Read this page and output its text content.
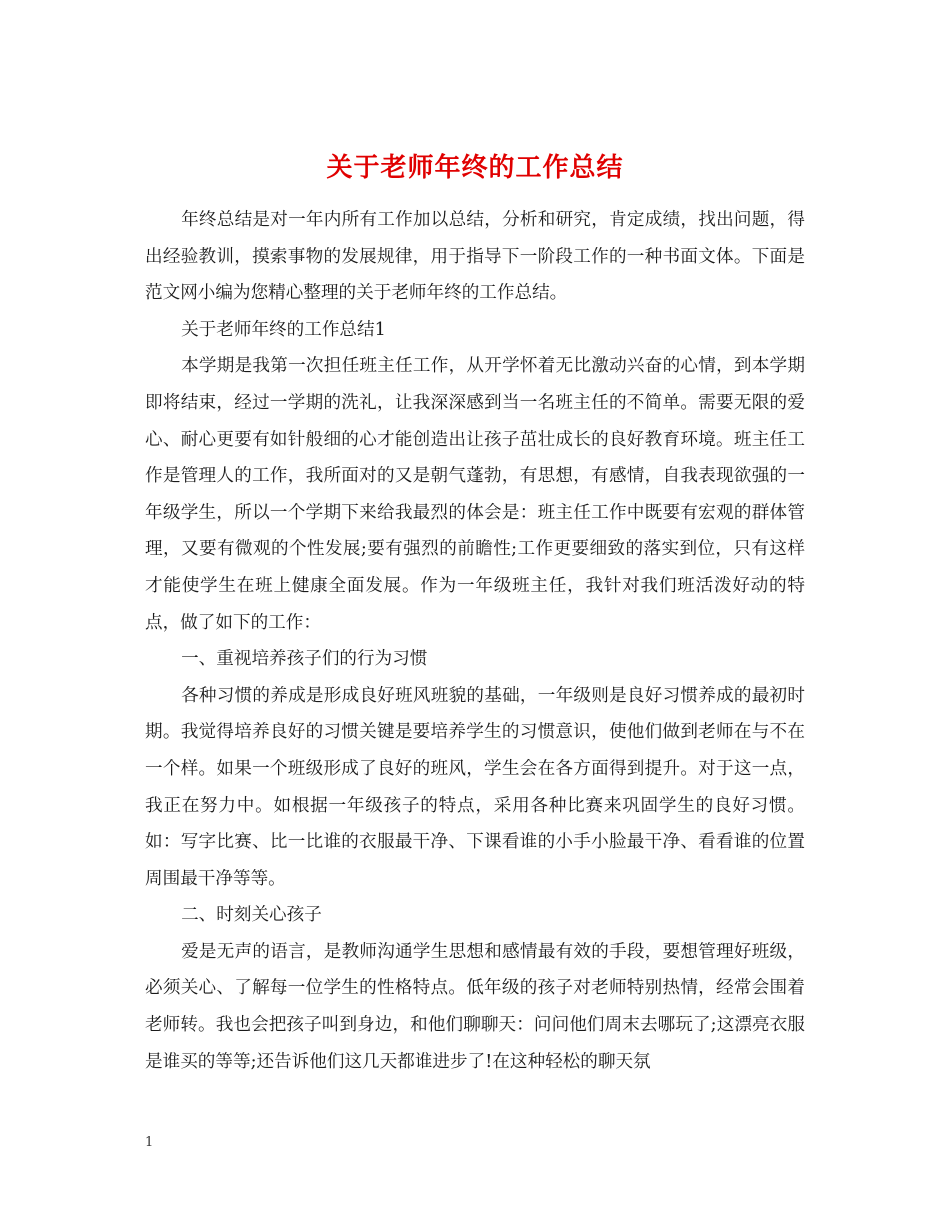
关于老师年终的工作总结

年终总结是对一年内所有工作加以总结，分析和研究，肯定成绩，找出问题，得出经验教训，摸索事物的发展规律，用于指导下一阶段工作的一种书面文体。下面是范文网小编为您精心整理的关于老师年终的工作总结。

关于老师年终的工作总结1

本学期是我第一次担任班主任工作，从开学怀着无比激动兴奋的心情，到本学期即将结束，经过一学期的洗礼，让我深深感到当一名班主任的不简单。需要无限的爱心、耐心更要有如针般细的心才能创造出让孩子茁壮成长的良好教育环境。班主任工作是管理人的工作，我所面对的又是朝气蓬勃，有思想，有感情，自我表现欲强的一年级学生，所以一个学期下来给我最烈的体会是：班主任工作中既要有宏观的群体管理，又要有微观的个性发展;要有强烈的前瞻性;工作更要细致的落实到位，只有这样才能使学生在班上健康全面发展。作为一年级班主任，我针对我们班活泼好动的特点，做了如下的工作：

一、重视培养孩子们的行为习惯

各种习惯的养成是形成良好班风班貌的基础，一年级则是良好习惯养成的最初时期。我觉得培养良好的习惯关键是要培养学生的习惯意识，使他们做到老师在与不在一个样。如果一个班级形成了良好的班风，学生会在各方面得到提升。对于这一点，我正在努力中。如根据一年级孩子的特点，采用各种比赛来巩固学生的良好习惯。如：写字比赛、比一比谁的衣服最干净、下课看谁的小手小脸最干净、看看谁的位置周围最干净等等。

二、时刻关心孩子

爱是无声的语言，是教师沟通学生思想和感情最有效的手段，要想管理好班级，必须关心、了解每一位学生的性格特点。低年级的孩子对老师特别热情，经常会围着老师转。我也会把孩子叫到身边，和他们聊聊天：问问他们周末去哪玩了;这漂亮衣服是谁买的等等;还告诉他们这几天都谁进步了!在这种轻松的聊天氛

1
